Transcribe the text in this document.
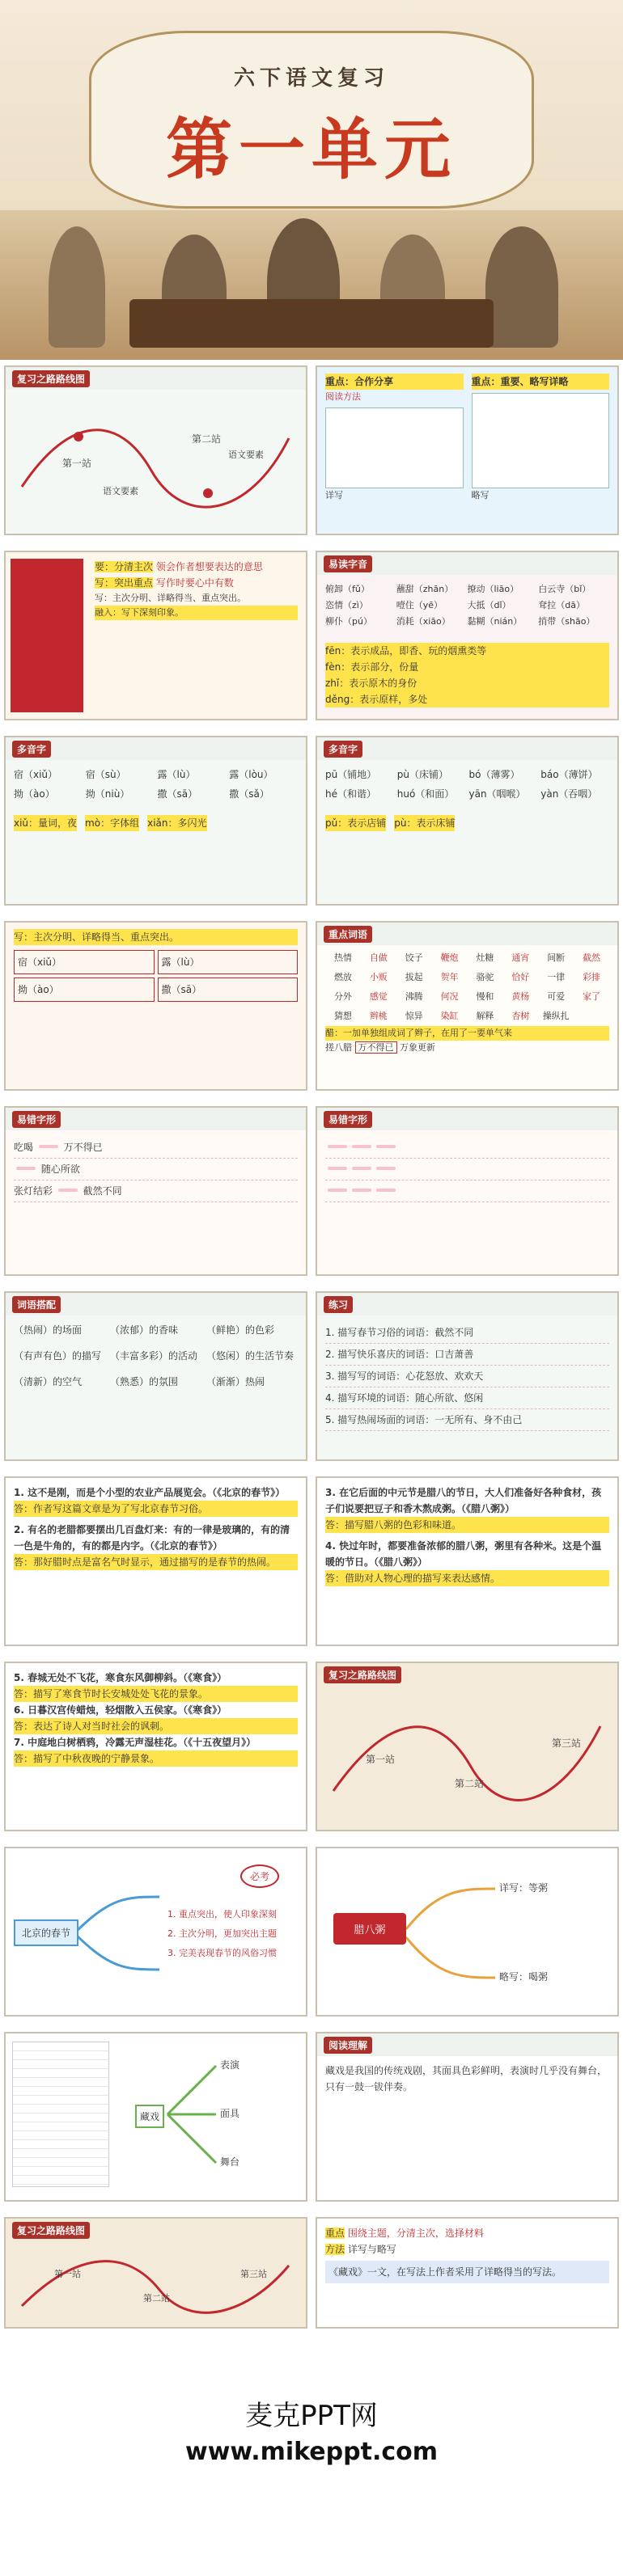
六下语文复习
第一单元
复习之路路线图
第一站
语文要素
第二站
语文要素
重点：合作分享
阅读方法
详写
重点：重要、略写详略
略写
要：分清主次 领会作者想要表达的意思
写：突出重点 写作时要心中有数
写：主次分明、详略得当、重点突出。
融入：写下深刻印象。
易读字音
俯卸（fǔ）	蘸甜（zhān）	撩动（liāo）	白云寺（bǐ）
恣情（zì）	噎住（yē）	大抵（dǐ）	耷拉（dā）
柳仆（pú）	消耗（xiāo）	黏糊（nián）	捎带（shāo）
fēn：表示成品，即香、玩的烟熏类等
fèn：表示部分，份量
zhǐ：表示原木的身份
děng：表示原样，多处
多音字
宿（xiǔ）	宿（sù）	露（lù）	露（lòu）
拗（ào）	拗（niù）	撒（sā）	撒（sǎ）
xiǔ：量词，夜 mò：字体组 xiǎn：多闪光
多音字
pū（铺地）	pù（床铺）	bó（薄雾）	báo（薄饼）
hé（和谐）	huó（和面）	yān（咽喉）	yàn（吞咽）
pǔ：表示店铺 pù：表示床铺
写：主次分明、详略得当、重点突出。
宿（xiǔ）	露（lù）
拗（ào）	撒（sā）
重点词语
热情	自做	饺子	鞭炮	灶糖	通宵	间断	截然
燃放	小贩	拔起	贺年	骆驼	恰好	一律	彩排
分外	感觉	沸腾	何况	慢和	黄杨	可爱	家了
猜想	辫桃	惊异	染缸	解释	杏树	操纵扎
醋：一加单独组成词了辫子，在用了一要单气来
搓八腊 万不得已 万象更新
易错字形
吃喝	万不得已
随心所欲
张灯结彩	截然不同
易错字形
词语搭配
（热闹）的场面	（浓郁）的香味	（鲜艳）的色彩
（有声有色）的描写 （丰富多彩）的活动 （悠闲）的生活节奏
（清新）的空气	（熟悉）的氛围	（渐渐）热闹
练习
1. 描写春节习俗的词语：截然不同
2. 描写快乐喜庆的词语：口吉萧善
3. 描写写的词语：心花怒放、欢欢天
4. 描写环境的词语：随心所欲、悠闲
5. 描写热闹场面的词语：一无所有、身不由己
1. 这不是刚，而是个小型的农业产品展览会。（《北京的春节》）
答：作者写这篇文章是为了写北京春节习俗。
2. 有名的老腊都要摆出几百盘灯来：有的一律是玻璃的，有的清一色是牛角的，有的都是内字。（《北京的春节》）
答：那好腊时点是富名气时显示，通过描写的是春节的热闹。
3. 在它后面的中元节是腊八的节日，大人们准备好各种食材，孩子们说要把豆子和香木熬成粥。（《腊八粥》）
答：描写腊八粥的色彩和味道。
4. 快过年时，都要准备浓郁的腊八粥，粥里有各种米。这是个温暖的节日。（《腊八粥》）
答：借助对人物心理的描写来表达感情。
5. 春城无处不飞花，寒食东风御柳斜。（《寒食》）
答：描写了寒食节时长安城处处飞花的景象。
6. 日暮汉宫传蜡烛，轻烟散入五侯家。（《寒食》）
答：表达了诗人对当时社会的讽刺。
7. 中庭地白树栖鸦，冷露无声湿桂花。（《十五夜望月》）
答：描写了中秋夜晚的宁静景象。
复习之路路线图
第一站
第二站
第三站
北京的春节
1. 重点突出，使人印象深刻
2. 主次分明，更加突出主题
3. 完美表现春节的风俗习惯
必考
腊八粥
详写：等粥
略写：喝粥
藏戏
表演
面具
舞台
阅读理解
藏戏是我国的传统戏剧，其面具色彩鲜明，表演时几乎没有舞台，只有一鼓一钹伴奏。
复习之路路线图
第一站
第二站
第三站
重点 围绕主题，分清主次，选择材料
方法 详写与略写
《藏戏》一文，在写法上作者采用了详略得当的写法。
麦克PPT网
www.mikeppt.com
